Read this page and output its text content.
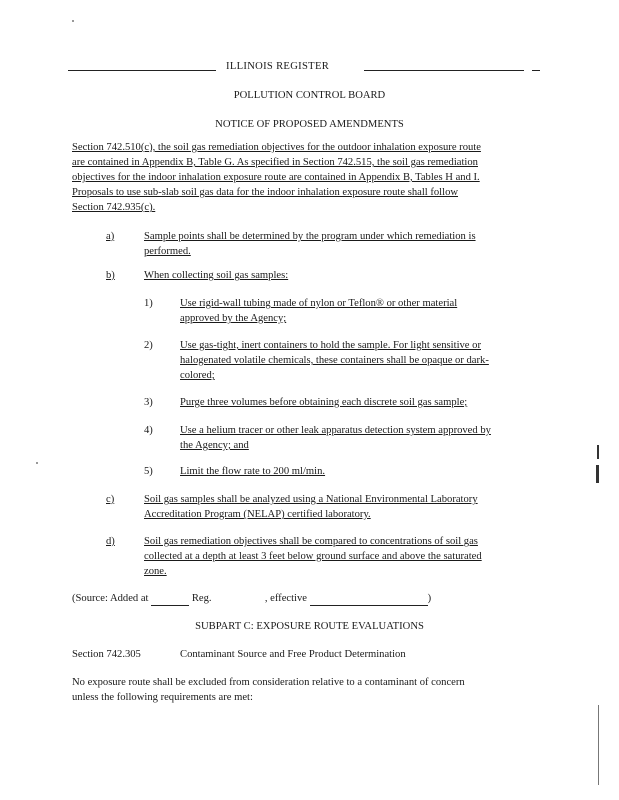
ILLINOIS REGISTER
POLLUTION CONTROL BOARD
NOTICE OF PROPOSED AMENDMENTS
Section 742.510(c), the soil gas remediation objectives for the outdoor inhalation exposure route
are contained in Appendix B, Table G. As specified in Section 742.515, the soil gas remediation
objectives for the indoor inhalation exposure route are contained in Appendix B, Tables H and I.
Proposals to use sub-slab soil gas data for the indoor inhalation exposure route shall follow
Section 742.935(c).
a)	Sample points shall be determined by the program under which remediation is
performed.
b)	When collecting soil gas samples:
1)	Use rigid-wall tubing made of nylon or Teflon® or other material
approved by the Agency;
2)	Use gas-tight, inert containers to hold the sample. For light sensitive or
halogenated volatile chemicals, these containers shall be opaque or dark-
colored;
3)	Purge three volumes before obtaining each discrete soil gas sample;
4)	Use a helium tracer or other leak apparatus detection system approved by
the Agency; and
5)	Limit the flow rate to 200 ml/min.
c)	Soil gas samples shall be analyzed using a National Environmental Laboratory
Accreditation Program (NELAP) certified laboratory.
d)	Soil gas remediation objectives shall be compared to concentrations of soil gas
collected at a depth at least 3 feet below ground surface and above the saturated
zone.
(Source: Added at	Reg.	, effective	)
SUBPART C: EXPOSURE ROUTE EVALUATIONS
Section 742.305	Contaminant Source and Free Product Determination
No exposure route shall be excluded from consideration relative to a contaminant of concern
unless the following requirements are met:
